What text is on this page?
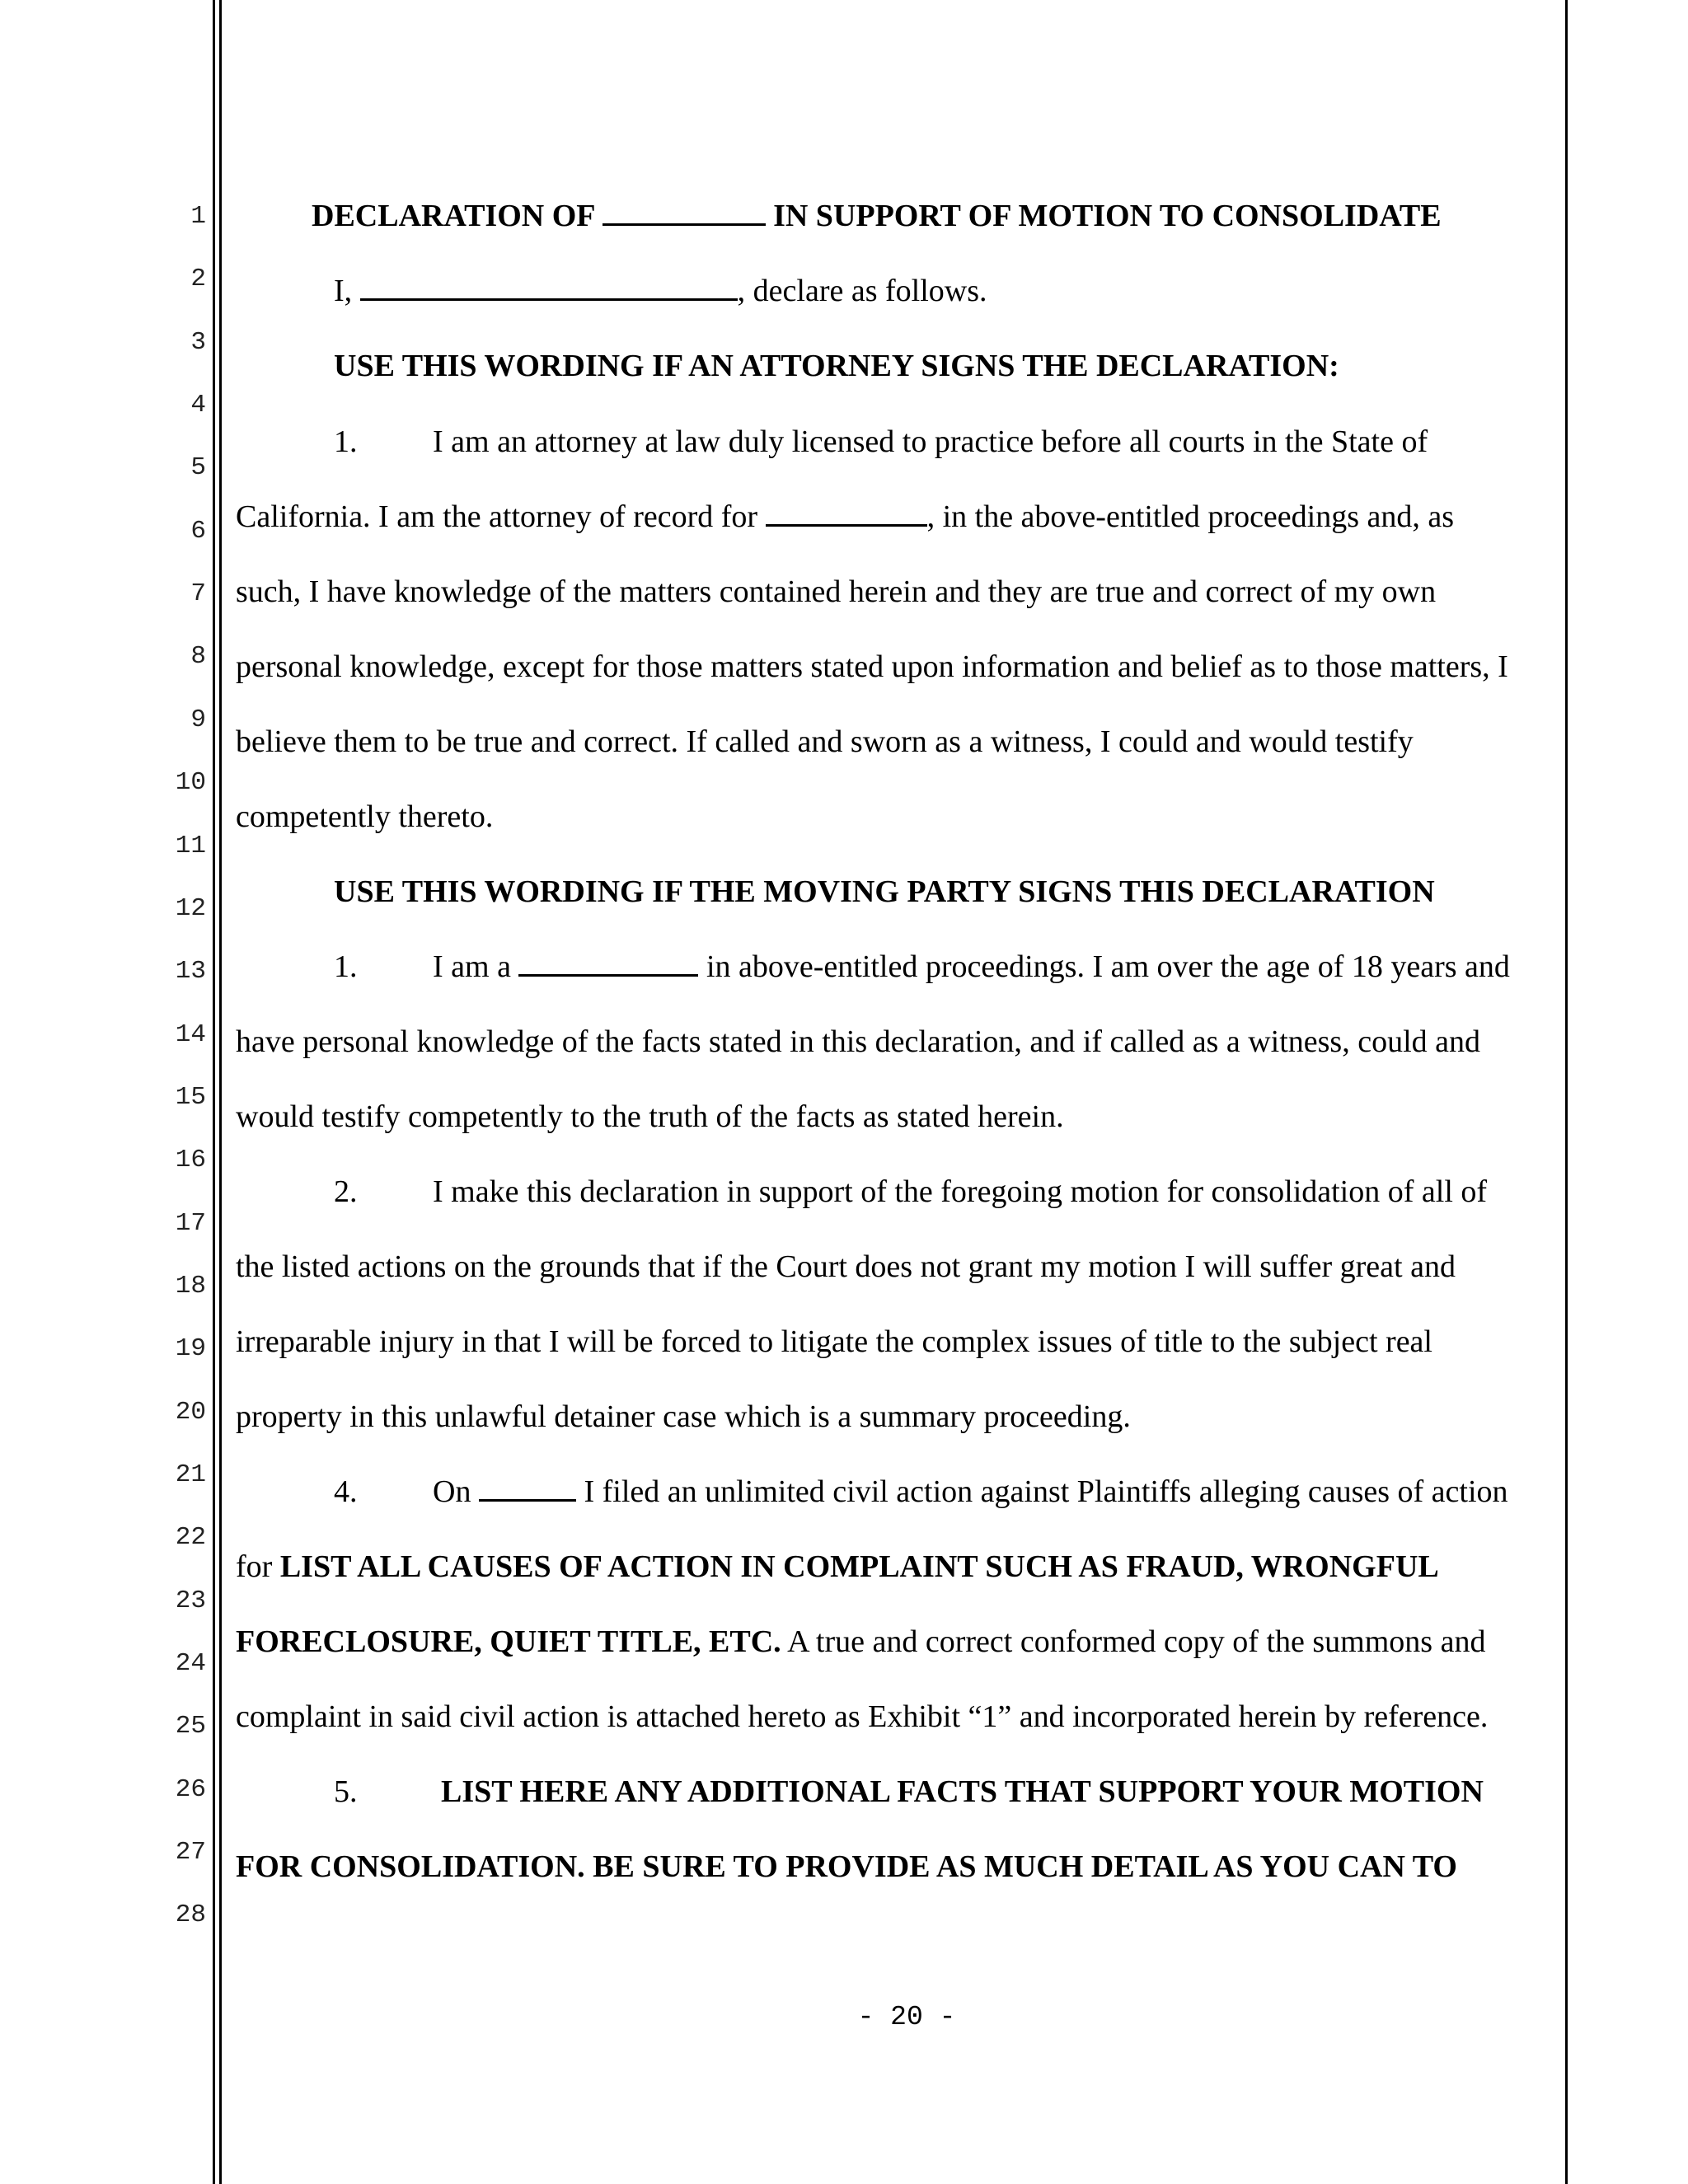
1
2
3
4
5
6
7
8
9
10
11
12
13
14
15
16
17
18
19
20
21
22
23
24
25
26
27
28
DECLARATION OF	IN SUPPORT OF MOTION TO CONSOLIDATE
I,	, declare as follows.
USE THIS WORDING IF AN ATTORNEY SIGNS THE DECLARATION:
1. I am an attorney at law duly licensed to practice before all courts in the State of
California. I am the attorney of record for	, in the above-entitled proceedings and, as
such, I have knowledge of the matters contained herein and they are true and correct of my own
personal knowledge, except for those matters stated upon information and belief as to those matters, I
believe them to be true and correct. If called and sworn as a witness, I could and would testify
competently thereto.
USE THIS WORDING IF THE MOVING PARTY SIGNS THIS DECLARATION
1. I am a	in above-entitled proceedings. I am over the age of 18 years and
have personal knowledge of the facts stated in this declaration, and if called as a witness, could and
would testify competently to the truth of the facts as stated herein.
2. I make this declaration in support of the foregoing motion for consolidation of all of
the listed actions on the grounds that if the Court does not grant my motion I will suffer great and
irreparable injury in that I will be forced to litigate the complex issues of title to the subject real
property in this unlawful detainer case which is a summary proceeding.
4. On	I filed an unlimited civil action against Plaintiffs alleging causes of action
for LIST ALL CAUSES OF ACTION IN COMPLAINT SUCH AS FRAUD, WRONGFUL
FORECLOSURE, QUIET TITLE, ETC. A true and correct conformed copy of the summons and
complaint in said civil action is attached hereto as Exhibit “1” and incorporated herein by reference.
5.	LIST HERE ANY ADDITIONAL FACTS THAT SUPPORT YOUR MOTION
FOR CONSOLIDATION. BE SURE TO PROVIDE AS MUCH DETAIL AS YOU CAN TO
- 20 -
